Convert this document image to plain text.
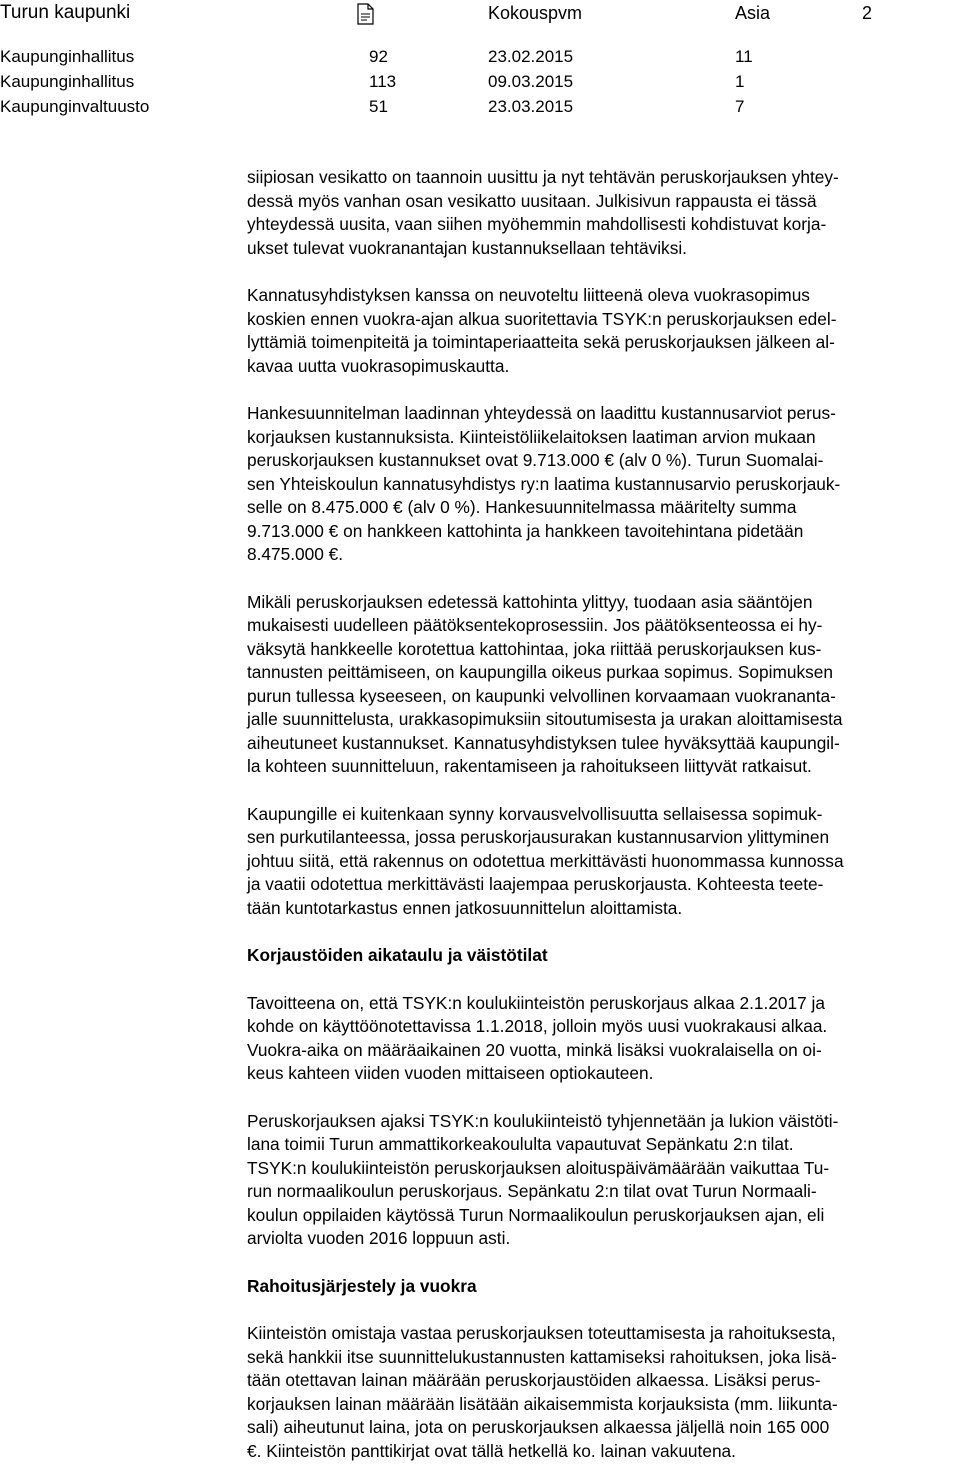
Turun kaupunki	Kokouspvm	Asia	2
Kaupunginhallitus	92	23.02.2015	11
Kaupunginhallitus	113	09.03.2015	1
Kaupunginvaltuusto	51	23.03.2015	7

siipiosan vesikatto on taannoin uusittu ja nyt tehtävän peruskorjauksen yhtey-
dessä myös vanhan osan vesikatto uusitaan. Julkisivun rappausta ei tässä
yhteydessä uusita, vaan siihen myöhemmin mahdollisesti kohdistuvat korja-
ukset tulevat vuokranantajan kustannuksellaan tehtäviksi.

Kannatusyhdistyksen kanssa on neuvoteltu liitteenä oleva vuokrasopimus
koskien ennen vuokra-ajan alkua suoritettavia TSYK:n peruskorjauksen edel-
lyttämiä toimenpiteitä ja toimintaperiaatteita sekä peruskorjauksen jälkeen al-
kavaa uutta vuokrasopimuskautta.

Hankesuunnitelman laadinnan yhteydessä on laadittu kustannusarviot perus-
korjauksen kustannuksista. Kiinteistöliikelaitoksen laatiman arvion mukaan
peruskorjauksen kustannukset ovat 9.713.000 € (alv 0 %). Turun Suomalai-
sen Yhteiskoulun kannatusyhdistys ry:n laatima kustannusarvio peruskorjauk-
selle on 8.475.000 € (alv 0 %). Hankesuunnitelmassa määritelty summa
9.713.000 € on hankkeen kattohinta ja hankkeen tavoitehintana pidetään
8.475.000 €.

Mikäli peruskorjauksen edetessä kattohinta ylittyy, tuodaan asia sääntöjen
mukaisesti uudelleen päätöksentekoprosessiin. Jos päätöksenteossa ei hy-
väksytä hankkeelle korotettua kattohintaa, joka riittää peruskorjauksen kus-
tannusten peittämiseen, on kaupungilla oikeus purkaa sopimus. Sopimuksen
purun tullessa kyseeseen, on kaupunki velvollinen korvaamaan vuokrananta-
jalle suunnittelusta, urakkasopimuksiin sitoutumisesta ja urakan aloittamisesta
aiheutuneet kustannukset. Kannatusyhdistyksen tulee hyväksyttää kaupungil-
la kohteen suunnitteluun, rakentamiseen ja rahoitukseen liittyvät ratkaisut.

Kaupungille ei kuitenkaan synny korvausvelvollisuutta sellaisessa sopimuk-
sen purkutilanteessa, jossa peruskorjausurakan kustannusarvion ylittyminen
johtuu siitä, että rakennus on odotettua merkittävästi huonommassa kunnossa
ja vaatii odotettua merkittävästi laajempaa peruskorjausta. Kohteesta teete-
tään kuntotarkastus ennen jatkosuunnittelun aloittamista.

Korjaustöiden aikataulu ja väistötilat

Tavoitteena on, että TSYK:n koulukiinteistön peruskorjaus alkaa 2.1.2017 ja
kohde on käyttöönotettavissa 1.1.2018, jolloin myös uusi vuokrakausi alkaa.
Vuokra-aika on määräaikainen 20 vuotta, minkä lisäksi vuokralaisella on oi-
keus kahteen viiden vuoden mittaiseen optiokauteen.

Peruskorjauksen ajaksi TSYK:n koulukiinteistö tyhjennetään ja lukion väistöti-
lana toimii Turun ammattikorkeakoululta vapautuvat Sepänkatu 2:n tilat.
TSYK:n koulukiinteistön peruskorjauksen aloituspäivämäärään vaikuttaa Tu-
run normaalikoulun peruskorjaus. Sepänkatu 2:n tilat ovat Turun Normaali-
koulun oppilaiden käytössä Turun Normaalikoulun peruskorjauksen ajan, eli
arviolta vuoden 2016 loppuun asti.

Rahoitusjärjestely ja vuokra

Kiinteistön omistaja vastaa peruskorjauksen toteuttamisesta ja rahoituksesta,
sekä hankkii itse suunnittelukustannusten kattamiseksi rahoituksen, joka lisä-
tään otettavan lainan määrään peruskorjaustöiden alkaessa. Lisäksi perus-
korjauksen lainan määrään lisätään aikaisemmista korjauksista (mm. liikunta-
sali) aiheutunut laina, jota on peruskorjauksen alkaessa jäljellä noin 165 000
€. Kiinteistön panttikirjat ovat tällä hetkellä ko. lainan vakuutena.
